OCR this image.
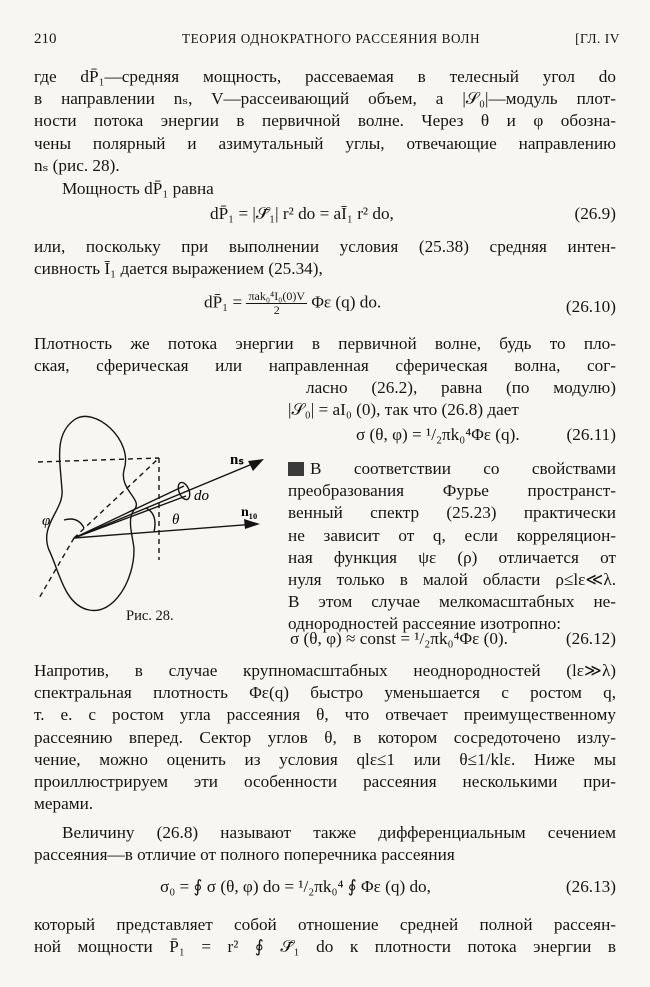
210	ТЕОРИЯ ОДНОКРАТНОГО РАССЕЯНИЯ ВОЛН	[ГЛ. IV

где dP̄₁—средняя мощность, рассеваемая в телесный угол do

в направлении nₛ, V—рассеивающий объем, а |𝒮₀|—модуль плот-

ности потока энергии в первичной волне. Через θ и φ обозна-

чены полярный и азимутальный углы, отвечающие направлению

nₛ (рис. 28).

Мощность dP̄₁ равна

dP̄₁ = |𝒮̄₁| r² do = aĪ₁ r² do,	(26.9)

или, поскольку при выполнении условия (25.38) средняя интен-

сивность Ī₁ дается выражением (25.34),

dP̄₁ = $\frac{\text{πak₀⁴I₀(0)V}}{2}$ Φε (q) do.	(26.10)

Плотность же потока энергии в первичной волне, будь то пло-

ская, сферическая или направленная сферическая волна, сог-

ласно (26.2), равна (по модулю)

|𝒮₀| = aI₀ (0), так что (26.8) дает

σ (θ, φ) = ¹/₂πk₀⁴Φε (q).	(26.11)

В соответствии со свойствами

преобразования Фурье пространст-

венный спектр (25.23) практически

не зависит от q, если корреляцион-

ная функция ψε (ρ) отличается от

нуля только в малой области ρ≤lε≪λ.

В этом случае мелкомасштабных не-

однородностей рассеяние изотропно:

σ (θ, φ) ≈ const = ¹/₂πk₀⁴Φε (0).	(26.12)
nₛ
n₁₀
do
θ
φ
Рис. 28.

Напротив, в случае крупномасштабных неоднородностей (lε≫λ)

спектральная плотность Φε(q) быстро уменьшается с ростом q,

т. е. с ростом угла рассеяния θ, что отвечает преимущественному

рассеянию вперед. Сектор углов θ, в котором сосредоточено излу-

чение, можно оценить из условия qlε≤1 или θ≤1/klε. Ниже мы

проиллюстрируем эти особенности рассеяния несколькими при-

мерами.

Величину (26.8) называют также дифференциальным сечением

рассеяния—в отличие от полного поперечника рассеяния

σ₀ = ∮ σ (θ, φ) do = ¹/₂πk₀⁴ ∮ Φε (q) do,	(26.13)

который представляет собой отношение средней полной рассеян-

ной мощности P̄₁ = r² ∮ 𝒮̄₁ do к плотности потока энергии в
